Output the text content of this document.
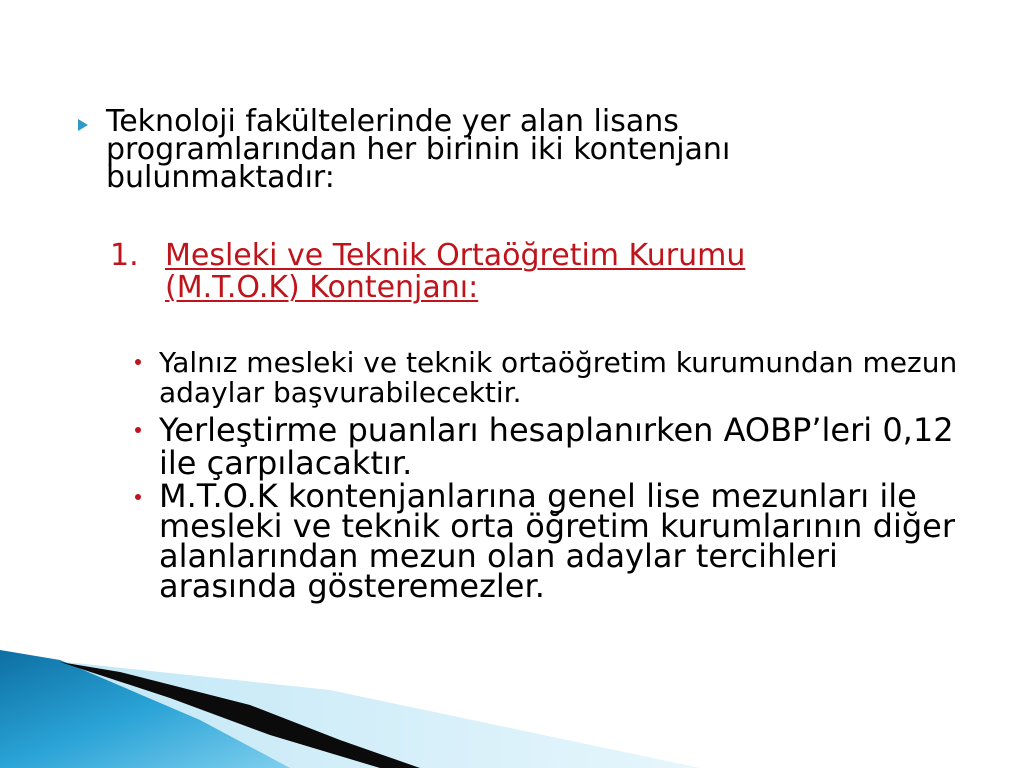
Teknoloji fakültelerinde yer alan lisans programlarından her birinin iki kontenjanı bulunmaktadır:

1. Mesleki ve Teknik Ortaöğretim Kurumu (M.T.O.K) Kontenjanı:

Yalnız mesleki ve teknik ortaöğretim kurumundan mezun adaylar başvurabilecektir.

Yerleştirme puanları hesaplanırken AOBP’leri 0,12 ile çarpılacaktır.

M.T.O.K kontenjanlarına genel lise mezunları ile mesleki ve teknik orta öğretim kurumlarının diğer alanlarından mezun olan adaylar tercihleri arasında gösteremezler.
